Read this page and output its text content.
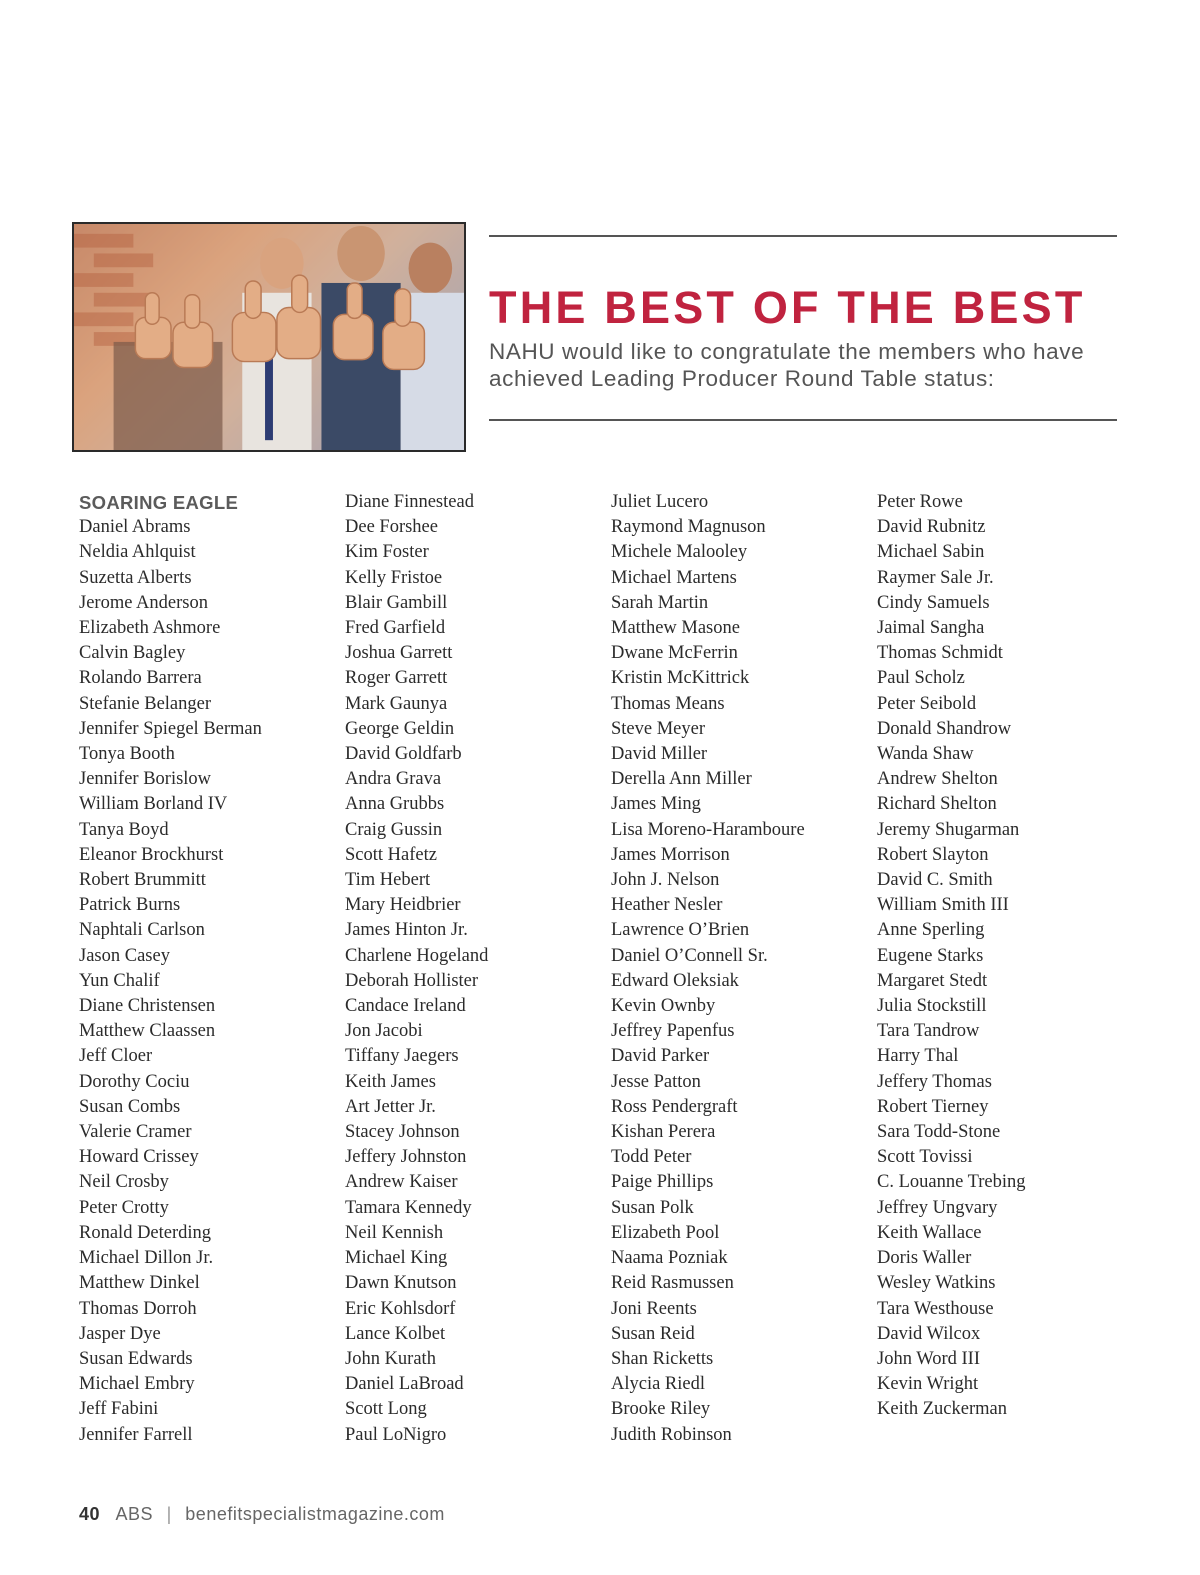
THE BEST OF THE BEST
NAHU would like to congratulate the members who have achieved Leading Producer Round Table status:
SOARING EAGLE
Daniel Abrams
Neldia Ahlquist
Suzetta Alberts
Jerome Anderson
Elizabeth Ashmore
Calvin Bagley
Rolando Barrera
Stefanie Belanger
Jennifer Spiegel Berman
Tonya Booth
Jennifer Borislow
William Borland IV
Tanya Boyd
Eleanor Brockhurst
Robert Brummitt
Patrick Burns
Naphtali Carlson
Jason Casey
Yun Chalif
Diane Christensen
Matthew Claassen
Jeff Cloer
Dorothy Cociu
Susan Combs
Valerie Cramer
Howard Crissey
Neil Crosby
Peter Crotty
Ronald Deterding
Michael Dillon Jr.
Matthew Dinkel
Thomas Dorroh
Jasper Dye
Susan Edwards
Michael Embry
Jeff Fabini
Jennifer Farrell
Diane Finnestead
Dee Forshee
Kim Foster
Kelly Fristoe
Blair Gambill
Fred Garfield
Joshua Garrett
Roger Garrett
Mark Gaunya
George Geldin
David Goldfarb
Andra Grava
Anna Grubbs
Craig Gussin
Scott Hafetz
Tim Hebert
Mary Heidbrier
James Hinton Jr.
Charlene Hogeland
Deborah Hollister
Candace Ireland
Jon Jacobi
Tiffany Jaegers
Keith James
Art Jetter Jr.
Stacey Johnson
Jeffery Johnston
Andrew Kaiser
Tamara Kennedy
Neil Kennish
Michael King
Dawn Knutson
Eric Kohlsdorf
Lance Kolbet
John Kurath
Daniel LaBroad
Scott Long
Paul LoNigro
Juliet Lucero
Raymond Magnuson
Michele Malooley
Michael Martens
Sarah Martin
Matthew Masone
Dwane McFerrin
Kristin McKittrick
Thomas Means
Steve Meyer
David Miller
Derella Ann Miller
James Ming
Lisa Moreno-Haramboure
James Morrison
John J. Nelson
Heather Nesler
Lawrence O’Brien
Daniel O’Connell Sr.
Edward Oleksiak
Kevin Ownby
Jeffrey Papenfus
David Parker
Jesse Patton
Ross Pendergraft
Kishan Perera
Todd Peter
Paige Phillips
Susan Polk
Elizabeth Pool
Naama Pozniak
Reid Rasmussen
Joni Reents
Susan Reid
Shan Ricketts
Alycia Riedl
Brooke Riley
Judith Robinson
Peter Rowe
David Rubnitz
Michael Sabin
Raymer Sale Jr.
Cindy Samuels
Jaimal Sangha
Thomas Schmidt
Paul Scholz
Peter Seibold
Donald Shandrow
Wanda Shaw
Andrew Shelton
Richard Shelton
Jeremy Shugarman
Robert Slayton
David C. Smith
William Smith III
Anne Sperling
Eugene Starks
Margaret Stedt
Julia Stockstill
Tara Tandrow
Harry Thal
Jeffery Thomas
Robert Tierney
Sara Todd-Stone
Scott Tovissi
C. Louanne Trebing
Jeffrey Ungvary
Keith Wallace
Doris Waller
Wesley Watkins
Tara Westhouse
David Wilcox
John Word III
Kevin Wright
Keith Zuckerman
40 ABS | benefitspecialistmagazine.com
